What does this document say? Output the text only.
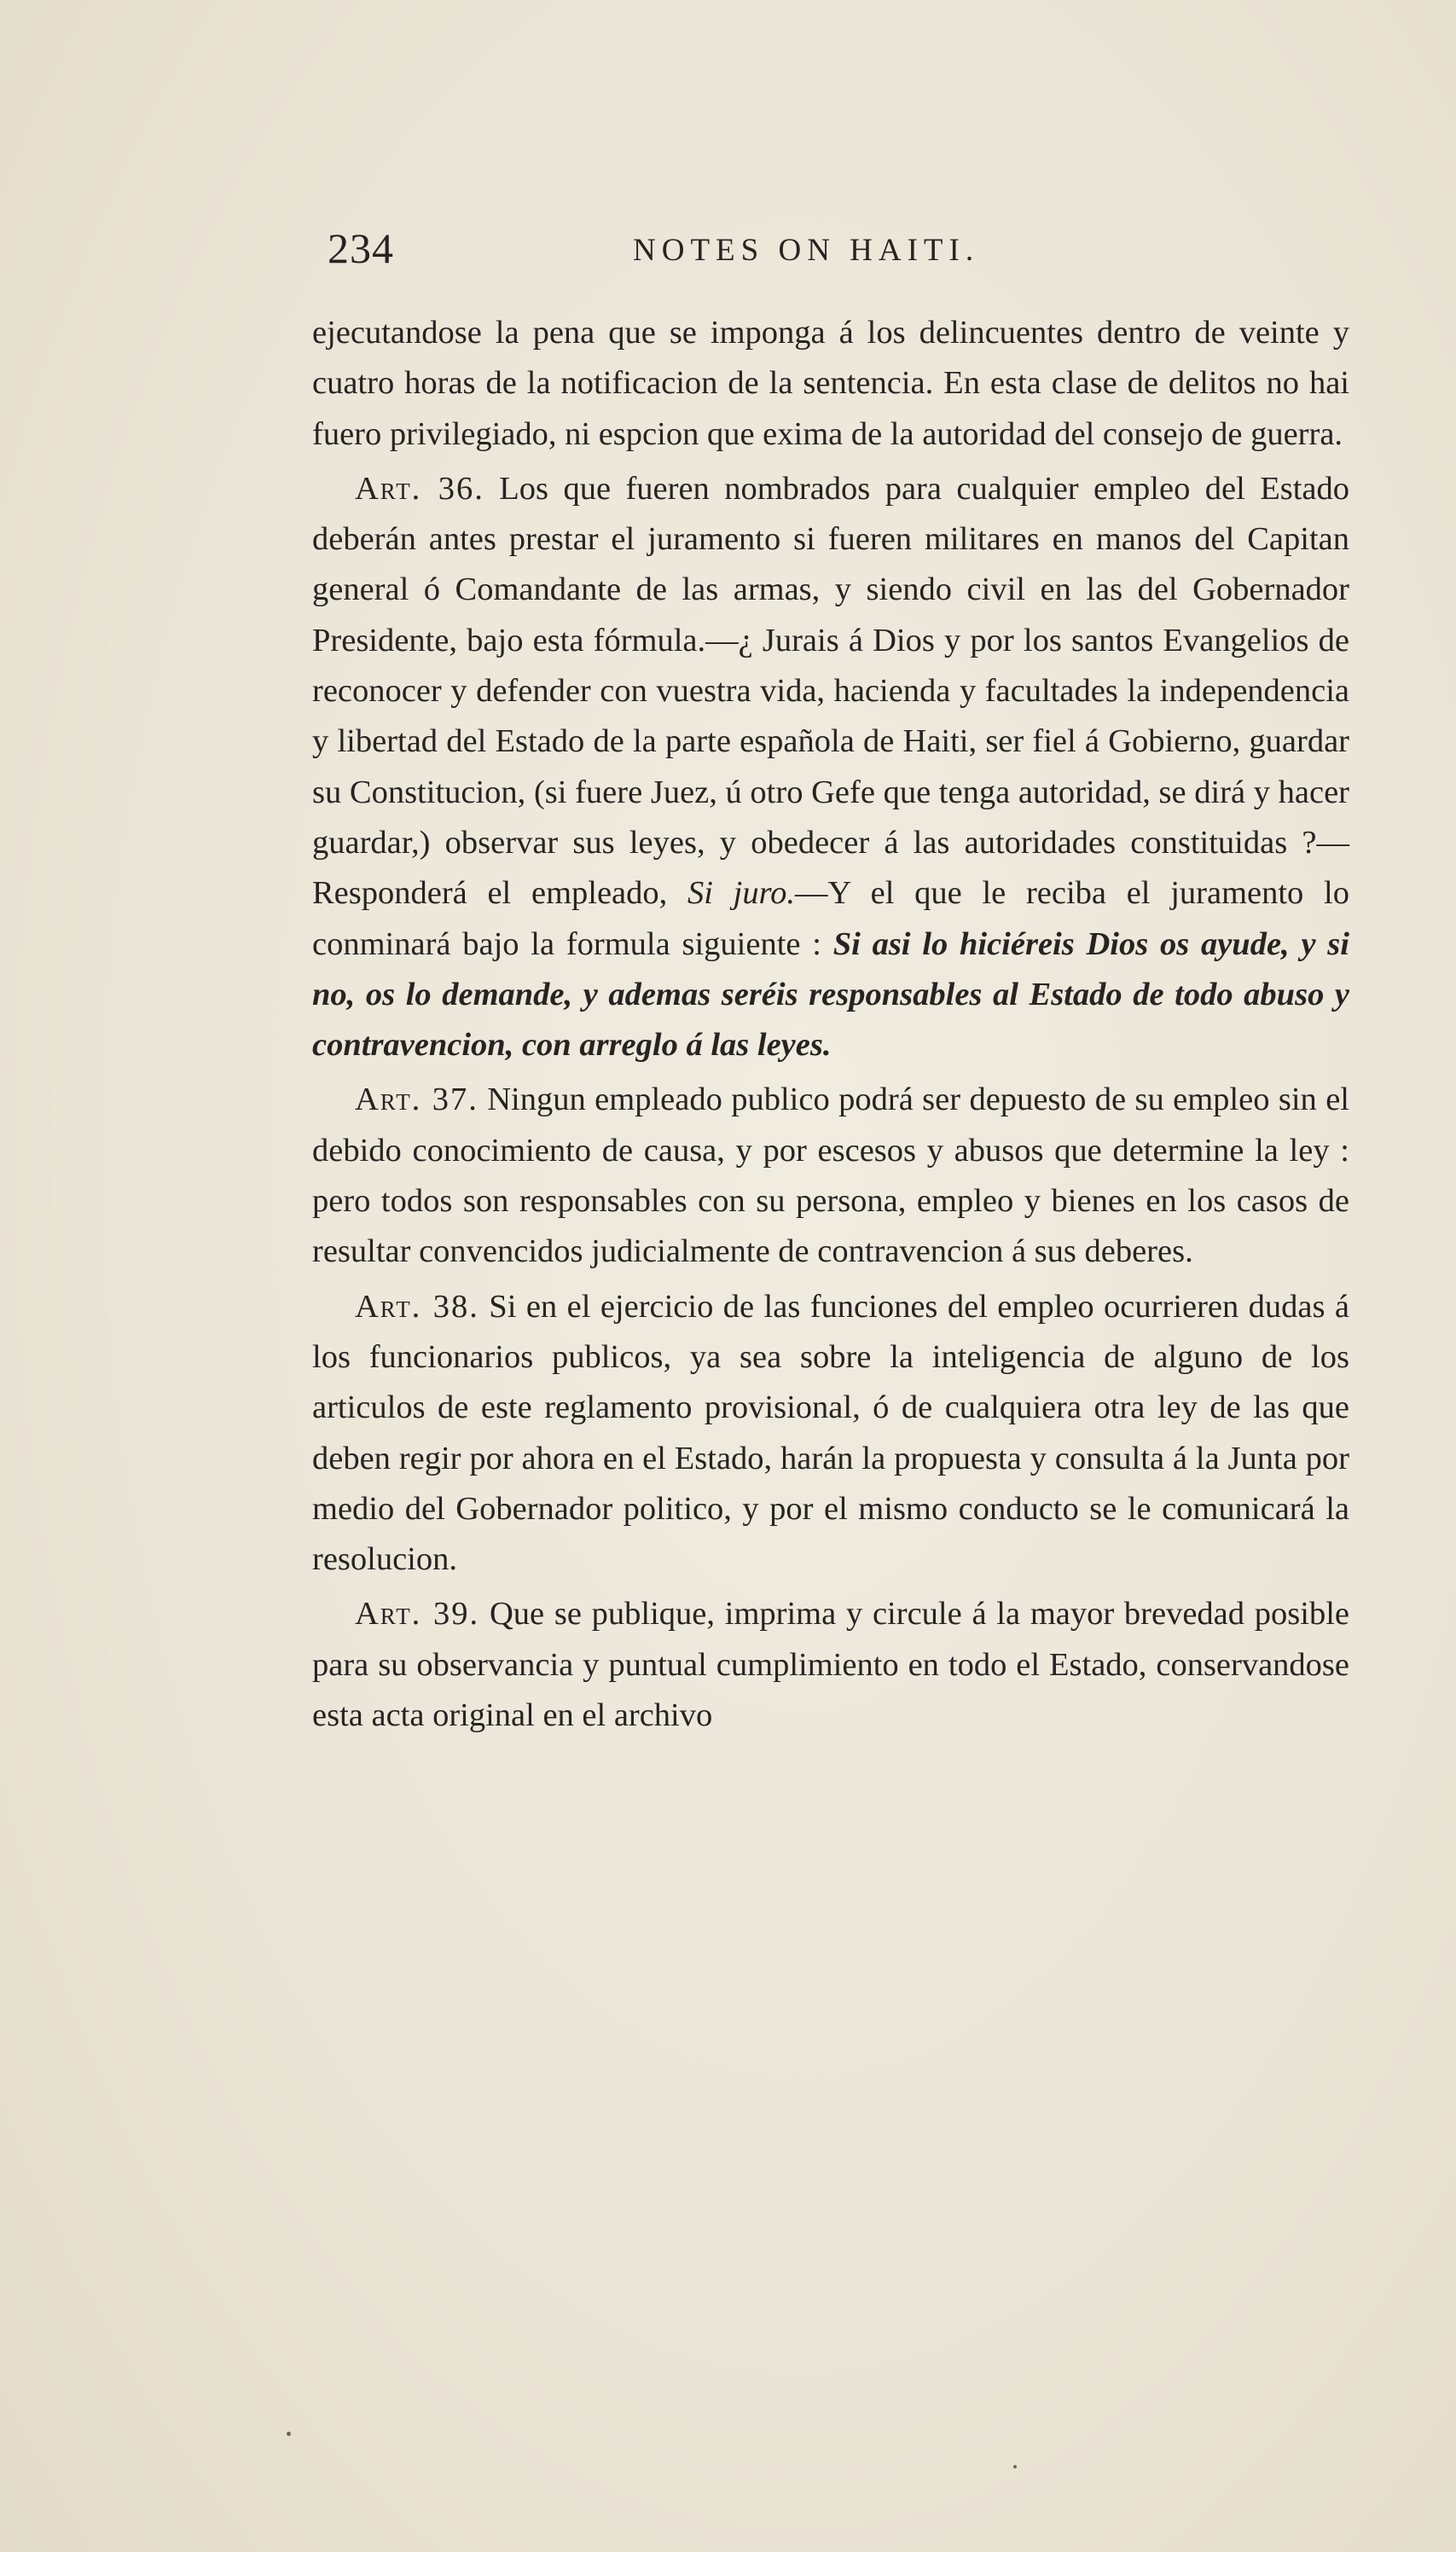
234	NOTES ON HAITI.

ejecutandose la pena que se imponga á los delincuentes dentro de veinte y cuatro horas de la notificacion de la sentencia. En esta clase de delitos no hai fuero privilegiado, ni espcion que exima de la autoridad del consejo de guerra.

Art. 36. Los que fueren nombrados para cualquier empleo del Estado deberán antes prestar el juramento si fueren militares en manos del Capitan general ó Comandante de las armas, y siendo civil en las del Gobernador Presidente, bajo esta fórmula.—¿ Jurais á Dios y por los santos Evangelios de reconocer y defender con vuestra vida, hacienda y facultades la independencia y libertad del Estado de la parte española de Haiti, ser fiel á Gobierno, guardar su Constitucion, (si fuere Juez, ú otro Gefe que tenga autoridad, se dirá y hacer guardar,) observar sus leyes, y obedecer á las autoridades constituidas ?—Responderá el empleado, Si juro.—Y el que le reciba el juramento lo conminará bajo la formula siguiente : Si asi lo hiciéreis Dios os ayude, y si no, os lo demande, y ademas seréis responsables al Estado de todo abuso y contravencion, con arreglo á las leyes.

Art. 37. Ningun empleado publico podrá ser depuesto de su empleo sin el debido conocimiento de causa, y por escesos y abusos que determine la ley : pero todos son responsables con su persona, empleo y bienes en los casos de resultar convencidos judicialmente de contravencion á sus deberes.

Art. 38. Si en el ejercicio de las funciones del empleo ocurrieren dudas á los funcionarios publicos, ya sea sobre la inteligencia de alguno de los articulos de este reglamento provisional, ó de cualquiera otra ley de las que deben regir por ahora en el Estado, harán la propuesta y consulta á la Junta por medio del Gobernador politico, y por el mismo conducto se le comunicará la resolucion.

Art. 39. Que se publique, imprima y circule á la mayor brevedad posible para su observancia y puntual cumplimiento en todo el Estado, conservandose esta acta original en el archivo
